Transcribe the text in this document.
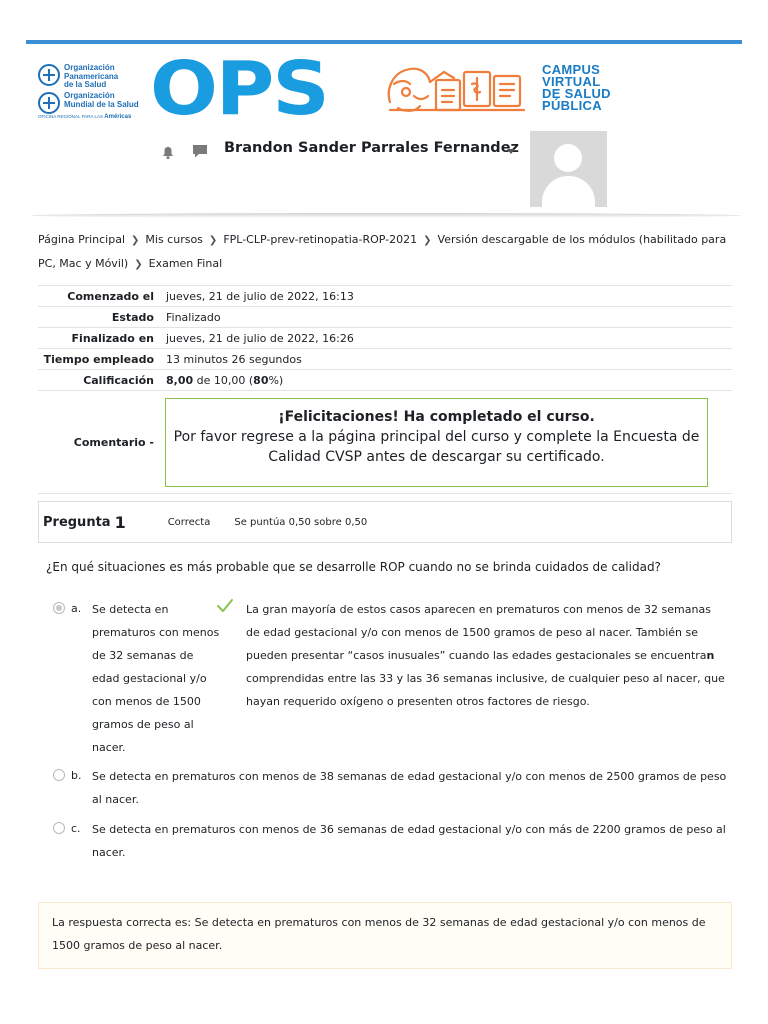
Organización
Panamericana
de la Salud
Organización
Mundial de la Salud
OFICINA REGIONAL PARA LAS Américas OPS	CAMPUS
VIRTUAL
DE SALUD
PÚBLICA
Brandon Sander Parrales Fernandez
Página Principal ❯ Mis cursos ❯ FPL-CLP-prev-retinopatia-ROP-2021 ❯ Versión descargable de los módulos (habilitado para PC, Mac y Móvil) ❯ Examen Final
Comenzado el	jueves, 21 de julio de 2022, 16:13
Estado	Finalizado
Finalizado en	jueves, 21 de julio de 2022, 16:26
Tiempo empleado	13 minutos 26 segundos
Calificación	8,00 de 10,00 (80%)
Comentario -
¡Felicitaciones! Ha completado el curso.
Por favor regrese a la página principal del curso y complete la Encuesta de Calidad CVSP antes de descargar su certificado.
Pregunta 1	Correcta Se puntúa 0,50 sobre 0,50
¿En qué situaciones es más probable que se desarrolle ROP cuando no se brinda cuidados de calidad?
a. Se detecta en prematuros con menos de 32 semanas de edad gestacional y/o con menos de 1500 gramos de peso al nacer.
La gran mayoría de estos casos aparecen en prematuros con menos de 32 semanas de edad gestacional y/o con menos de 1500 gramos de peso al nacer. También se pueden presentar “casos inusuales” cuando las edades gestacionales se encuentran comprendidas entre las 33 y las 36 semanas inclusive, de cualquier peso al nacer, que hayan requerido oxígeno o presenten otros factores de riesgo.
b. Se detecta en prematuros con menos de 38 semanas de edad gestacional y/o con menos de 2500 gramos de peso al nacer.
c. Se detecta en prematuros con menos de 36 semanas de edad gestacional y/o con más de 2200 gramos de peso al nacer.
La respuesta correcta es: Se detecta en prematuros con menos de 32 semanas de edad gestacional y/o con menos de 1500 gramos de peso al nacer.
